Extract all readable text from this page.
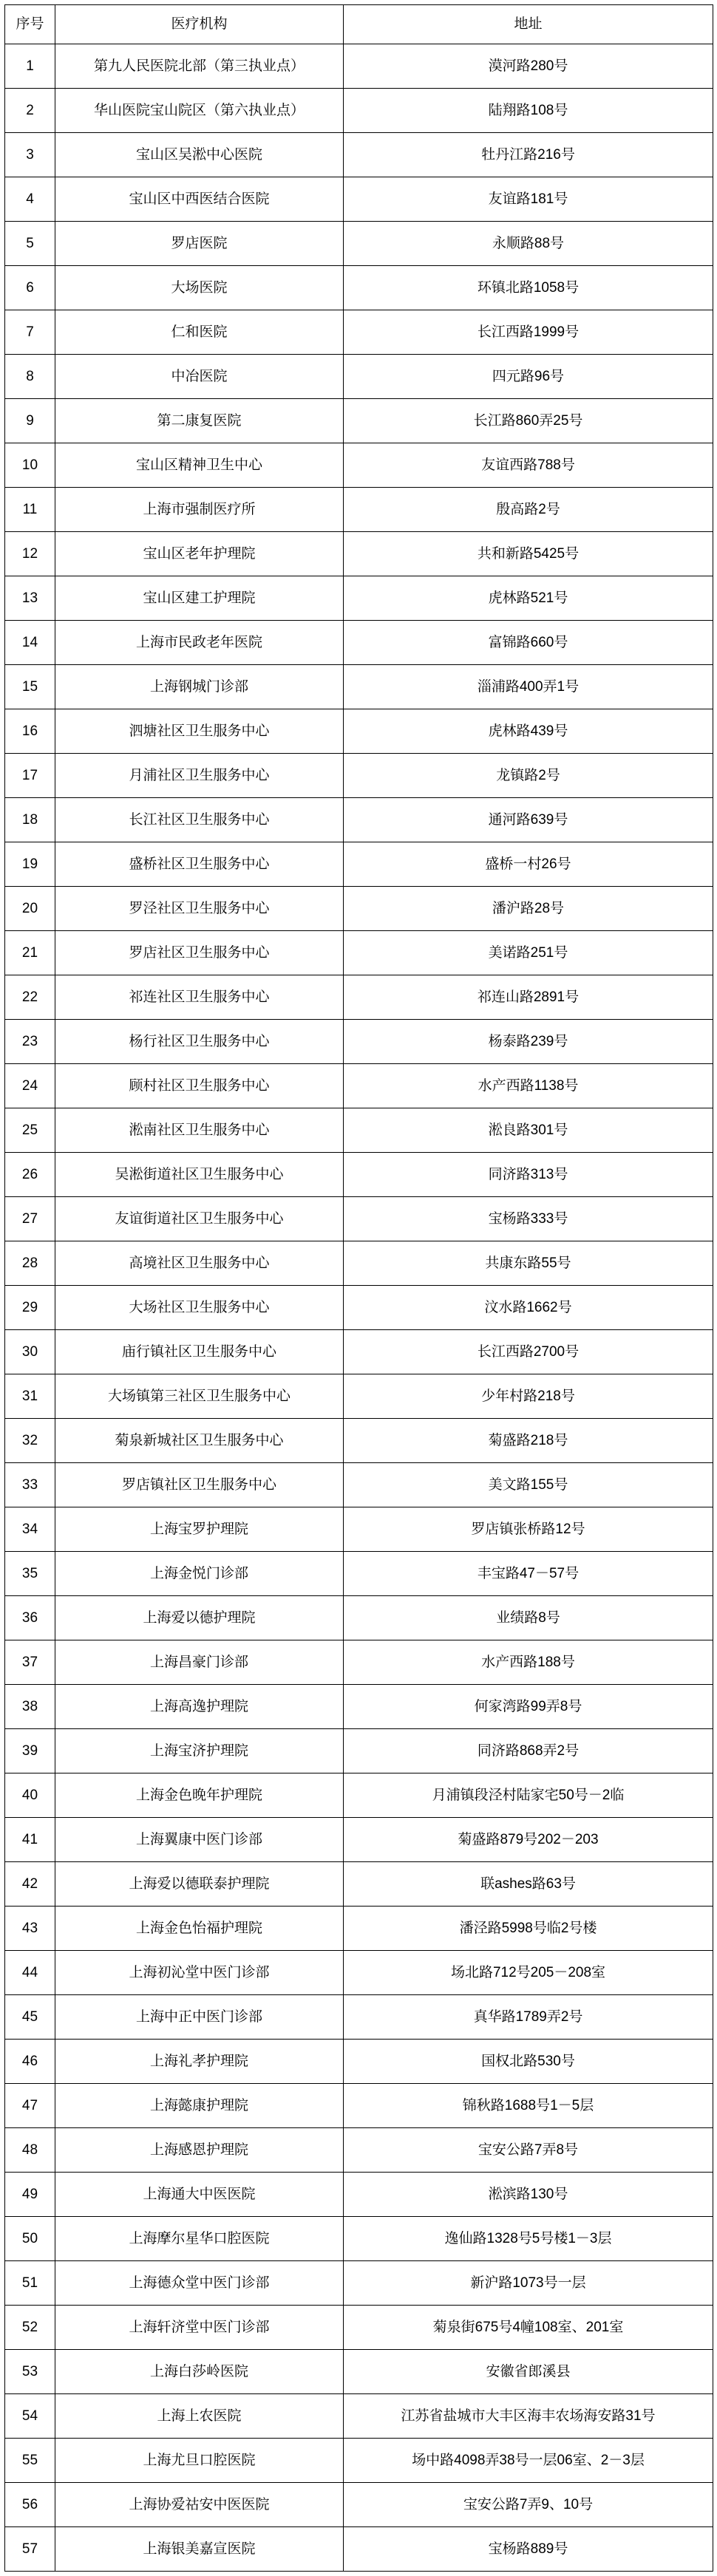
序号	医疗机构	地址
1	第九人民医院北部（第三执业点）	漠河路280号
2	华山医院宝山院区（第六执业点）	陆翔路108号
3	宝山区吴淞中心医院	牡丹江路216号
4	宝山区中西医结合医院	友谊路181号
5	罗店医院	永顺路88号
6	大场医院	环镇北路1058号
7	仁和医院	长江西路1999号
8	中冶医院	四元路96号
9	第二康复医院	长江路860弄25号
10	宝山区精神卫生中心	友谊西路788号
11	上海市强制医疗所	殷高路2号
12	宝山区老年护理院	共和新路5425号
13	宝山区建工护理院	虎林路521号
14	上海市民政老年医院	富锦路660号
15	上海钢城门诊部	淄浦路400弄1号
16	泗塘社区卫生服务中心	虎林路439号
17	月浦社区卫生服务中心	龙镇路2号
18	长江社区卫生服务中心	通河路639号
19	盛桥社区卫生服务中心	盛桥一村26号
20	罗泾社区卫生服务中心	潘沪路28号
21	罗店社区卫生服务中心	美诺路251号
22	祁连社区卫生服务中心	祁连山路2891号
23	杨行社区卫生服务中心	杨泰路239号
24	顾村社区卫生服务中心	水产西路1138号
25	淞南社区卫生服务中心	淞良路301号
26	吴淞街道社区卫生服务中心	同济路313号
27	友谊街道社区卫生服务中心	宝杨路333号
28	高境社区卫生服务中心	共康东路55号
29	大场社区卫生服务中心	汶水路1662号
30	庙行镇社区卫生服务中心	长江西路2700号
31	大场镇第三社区卫生服务中心	少年村路218号
32	菊泉新城社区卫生服务中心	菊盛路218号
33	罗店镇社区卫生服务中心	美文路155号
34	上海宝罗护理院	罗店镇张桥路12号
35	上海金悦门诊部	丰宝路47－57号
36	上海爱以德护理院	业绩路8号
37	上海昌豪门诊部	水产西路188号
38	上海高逸护理院	何家湾路99弄8号
39	上海宝济护理院	同济路868弄2号
40	上海金色晚年护理院	月浦镇段泾村陆家宅50号－2临
41	上海翼康中医门诊部	菊盛路879号202－203
42	上海爱以德联泰护理院	联ashes路63号
43	上海金色怡福护理院	潘泾路5998号临2号楼
44	上海初沁堂中医门诊部	场北路712号205－208室
45	上海中正中医门诊部	真华路1789弄2号
46	上海礼孝护理院	国权北路530号
47	上海懿康护理院	锦秋路1688号1－5层
48	上海感恩护理院	宝安公路7弄8号
49	上海通大中医医院	淞滨路130号
50	上海摩尔星华口腔医院	逸仙路1328号5号楼1－3层
51	上海德众堂中医门诊部	新沪路1073号一层
52	上海轩济堂中医门诊部	菊泉街675号4幢108室、201室
53	上海白莎岭医院	安徽省郎溪县
54	上海上农医院	江苏省盐城市大丰区海丰农场海安路31号
55	上海尤旦口腔医院	场中路4098弄38号一层06室、2－3层
56	上海协爱祜安中医医院	宝安公路7弄9、10号
57	上海银美嘉宣医院	宝杨路889号
